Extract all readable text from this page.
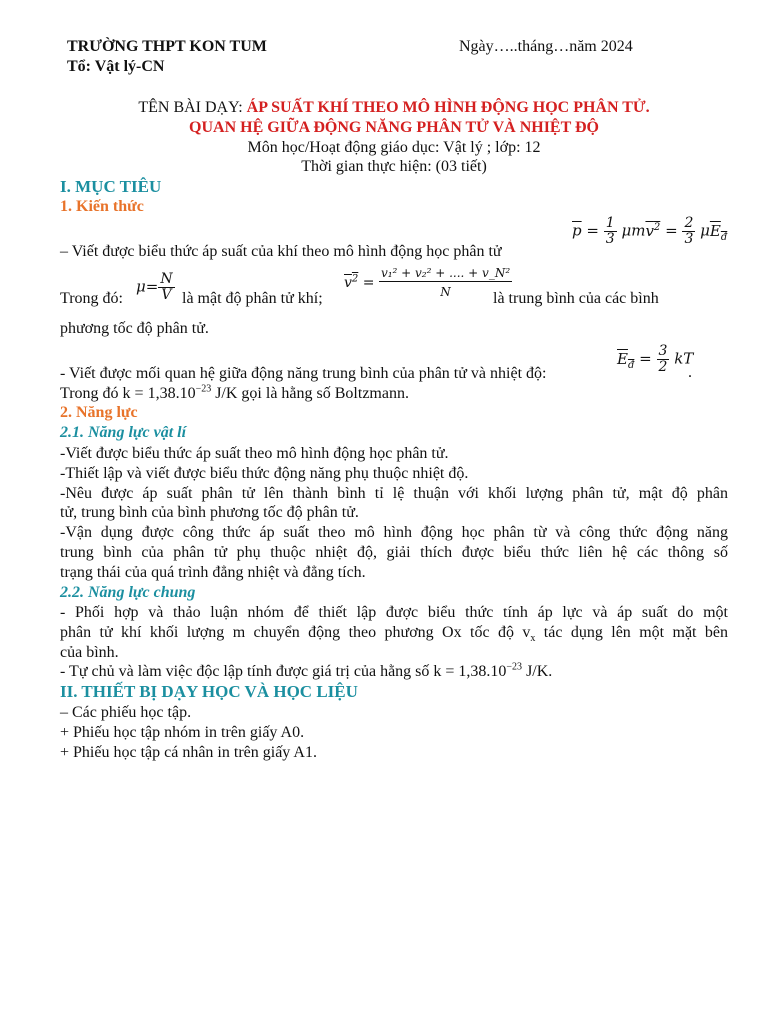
TRƯỜNG THPT KON TUM	Ngày…..tháng…năm 2024
Tổ: Vật lý-CN
TÊN BÀI DẠY: ÁP SUẤT KHÍ THEO MÔ HÌNH ĐỘNG HỌC PHÂN TỬ.
QUAN HỆ GIỮA ĐỘNG NĂNG PHÂN TỬ VÀ NHIỆT ĐỘ
Môn học/Hoạt động giáo dục: Vật lý ; lớp: 12
Thời gian thực hiện: (03 tiết)
I. MỤC TIÊU
1. Kiến thức
$\overline{p} = \frac{1}{3} \mu mv^2 = \frac{2}{3} \mu E_đ$
– Viết được biểu thức áp suất của khí theo mô hình động học phân tử
Trong đó:
$\mu= \frac{N}{V}$ là mật độ phân tử khí;
$v^2 = \frac{\text{v₁² + v₂² + .... + v\_N²}}{N}$
là trung bình của các bình
phương tốc độ phân tử.
- Viết được mối quan hệ giữa động năng trung bình của phân tử và nhiệt độ:
$E_đ = \frac{3}{2}$ kT
.
Trong đó $k = 1,38.10^{-23}$ J/K gọi là hằng số Boltzmann.
2. Năng lực
2.1. Năng lực vật lí
-Viết được biểu thức áp suất theo mô hình động học phân tử.
-Thiết lập và viết được biểu thức động năng phụ thuộc nhiệt độ.
-Nêu được áp suất phân tử lên thành bình tỉ lệ thuận với khối lượng phân tử, mật độ phân
tử, trung bình của bình phương tốc độ phân tử.
-Vận dụng được công thức áp suất theo mô hình động học phân từ và công thức động năng
trung bình của phân tử phụ thuộc nhiệt độ, giải thích được biểu thức liên hệ các thông số
trạng thái của quá trình đẳng nhiệt và đẳng tích.
2.2. Năng lực chung
- Phối hợp và thảo luận nhóm để thiết lập được biểu thức tính áp lực và áp suất do một
phân tử khí khối lượng m chuyển động theo phương Ox tốc độ $v_x$ tác dụng lên một mặt bên
của bình.
- Tự chủ và làm việc độc lập tính được giá trị của hằng số $k = 1,38.10^{-23}$ J/K.
II. THIẾT BỊ DẠY HỌC VÀ HỌC LIỆU
– Các phiếu học tập.
+ Phiếu học tập nhóm in trên giấy A0.
+ Phiếu học tập cá nhân in trên giấy A1.
